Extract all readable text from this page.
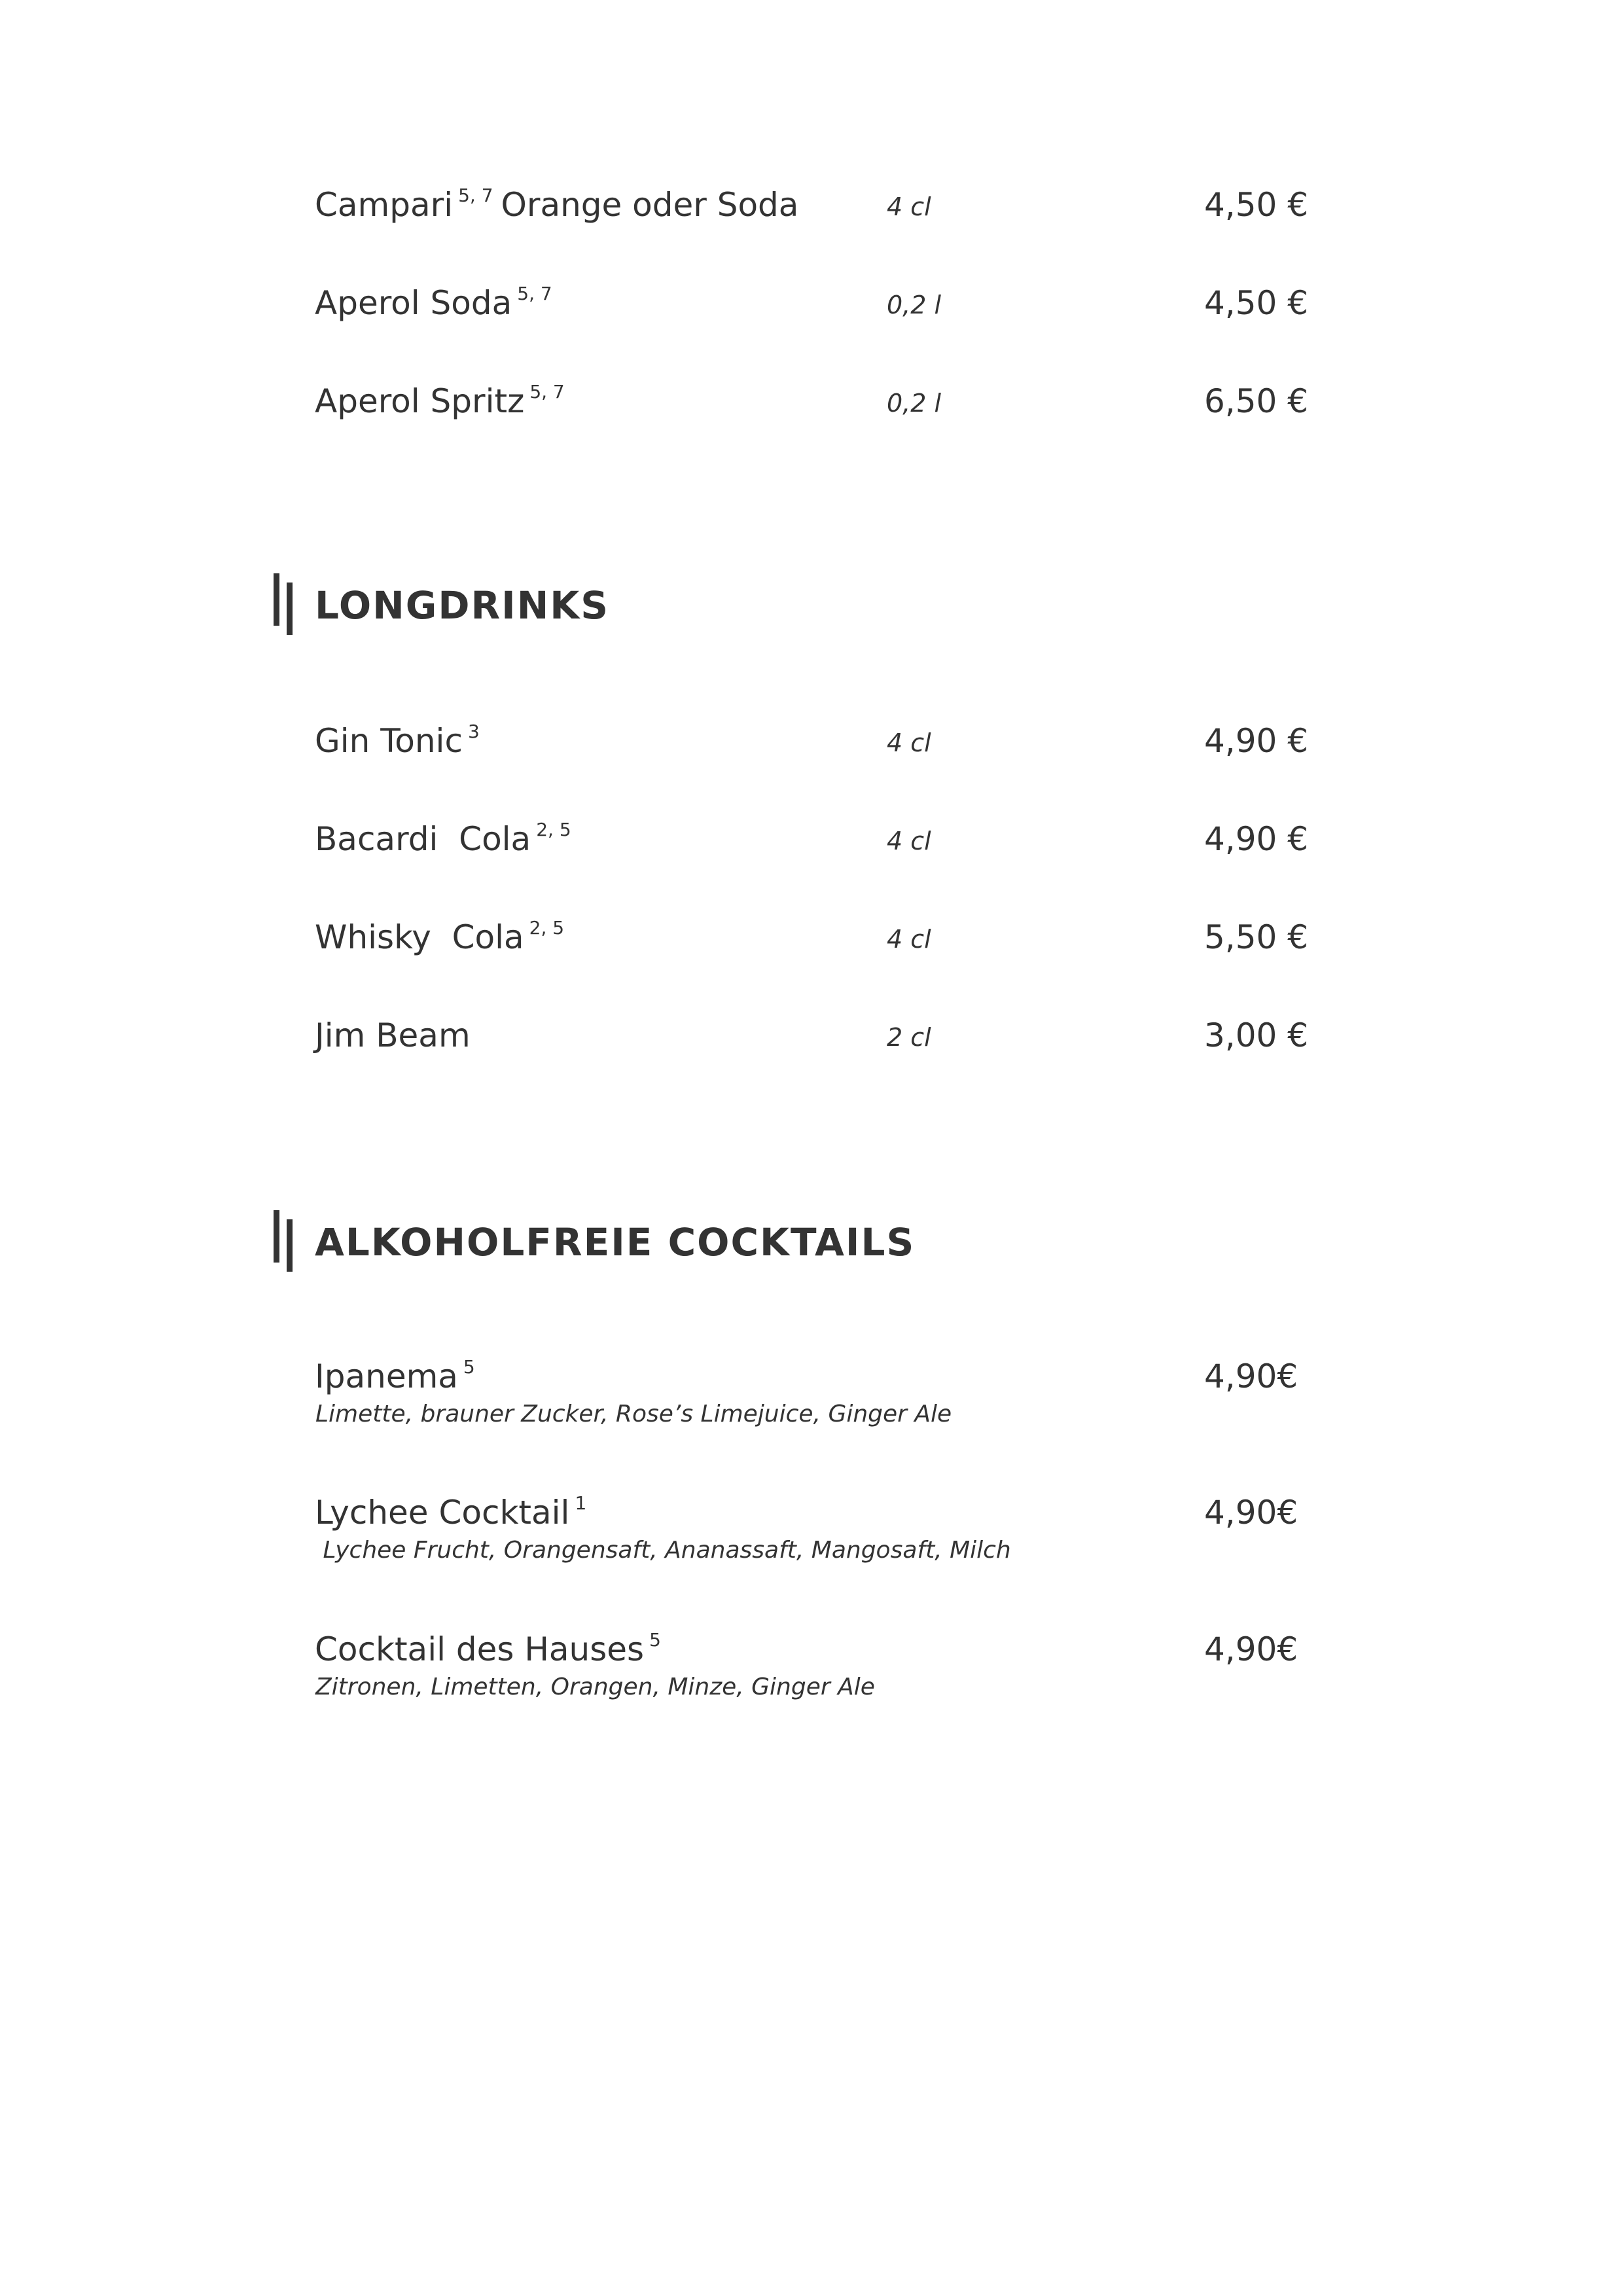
Campari $^{5, 7}$ Orange oder Soda	4 cl	4,50 €
Aperol Soda $^{5, 7}$	0,2 l	4,50 €
Aperol Spritz $^{5, 7}$	0,2 l	6,50 €
LONGDRINKS
Gin Tonic $^3$	4 cl	4,90 €
Bacardi  Cola $^{2, 5}$	4 cl	4,90 €
Whisky  Cola $^{2, 5}$	4 cl	5,50 €
Jim Beam	2 cl	3,00 €
ALKOHOLFREIE COCKTAILS
Ipanema $^5$	4,90€
Limette, brauner Zucker, Rose’s Limejuice, Ginger Ale
Lychee Cocktail $^1$	4,90€
Lychee Frucht, Orangensaft, Ananassaft, Mangosaft, Milch
Cocktail des Hauses $^5$	4,90€
Zitronen, Limetten, Orangen, Minze, Ginger Ale
